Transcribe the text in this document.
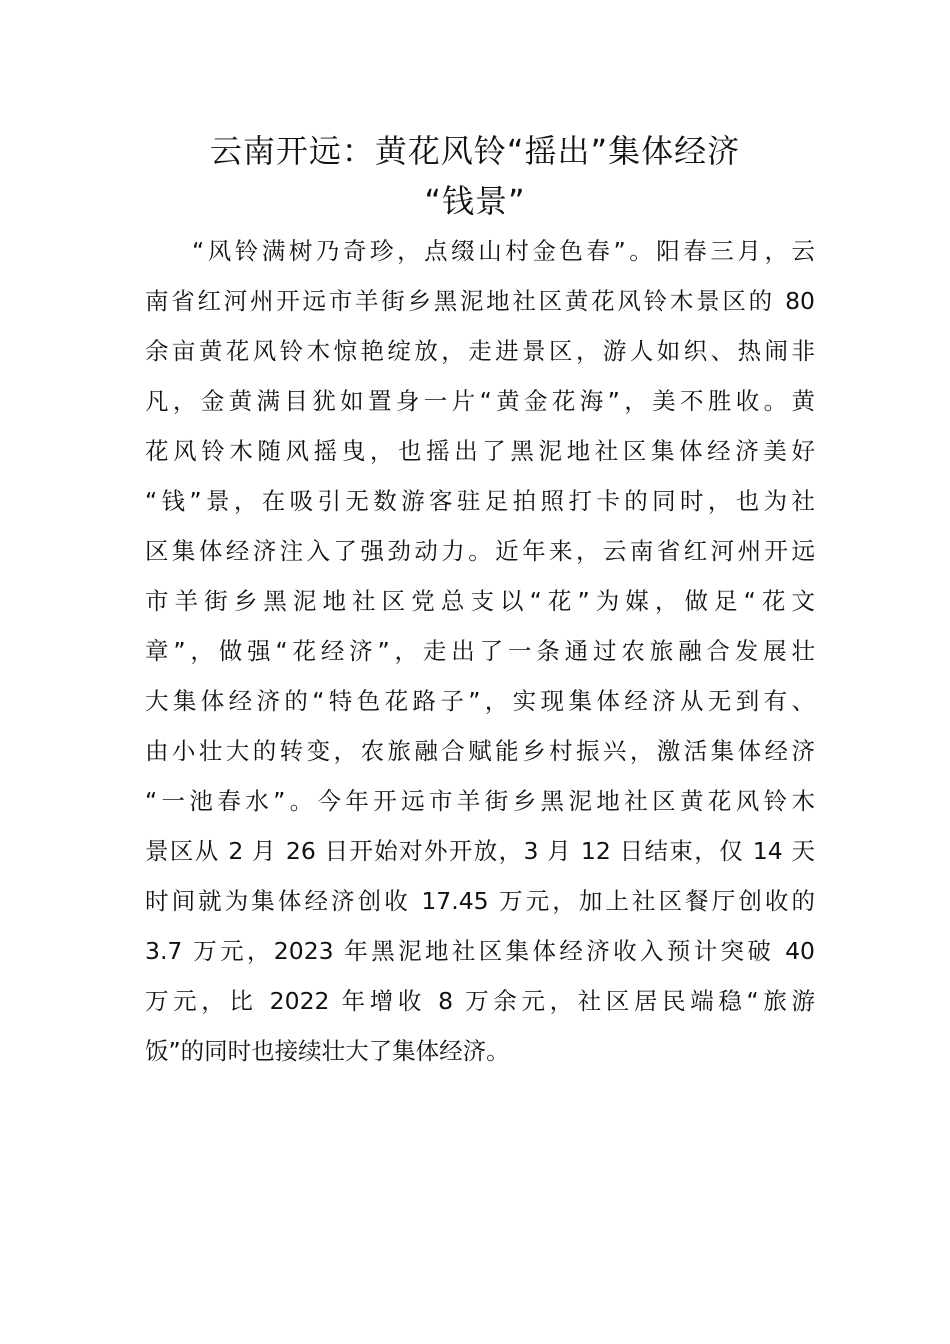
云南开远：黄花风铃“摇出”集体经济
“钱景”
“风铃满树乃奇珍，点缀山村金色春”。阳春三月，云
南省红河州开远市羊街乡黑泥地社区黄花风铃木景区的 80
余亩黄花风铃木惊艳绽放，走进景区，游人如织、热闹非
凡，金黄满目犹如置身一片“黄金花海”，美不胜收。黄
花风铃木随风摇曳，也摇出了黑泥地社区集体经济美好
“钱”景，在吸引无数游客驻足拍照打卡的同时，也为社
区集体经济注入了强劲动力。近年来，云南省红河州开远
市羊街乡黑泥地社区党总支以“花”为媒，做足“花文
章”，做强“花经济”，走出了一条通过农旅融合发展壮
大集体经济的“特色花路子”，实现集体经济从无到有、
由小壮大的转变，农旅融合赋能乡村振兴，激活集体经济
“一池春水”。今年开远市羊街乡黑泥地社区黄花风铃木
景区从 2 月 26 日开始对外开放，3 月 12 日结束，仅 14 天
时间就为集体经济创收 17.45 万元，加上社区餐厅创收的
3.7 万元，2023 年黑泥地社区集体经济收入预计突破 40
万元，比 2022 年增收 8 万余元，社区居民端稳“旅游
饭”的同时也接续壮大了集体经济。
